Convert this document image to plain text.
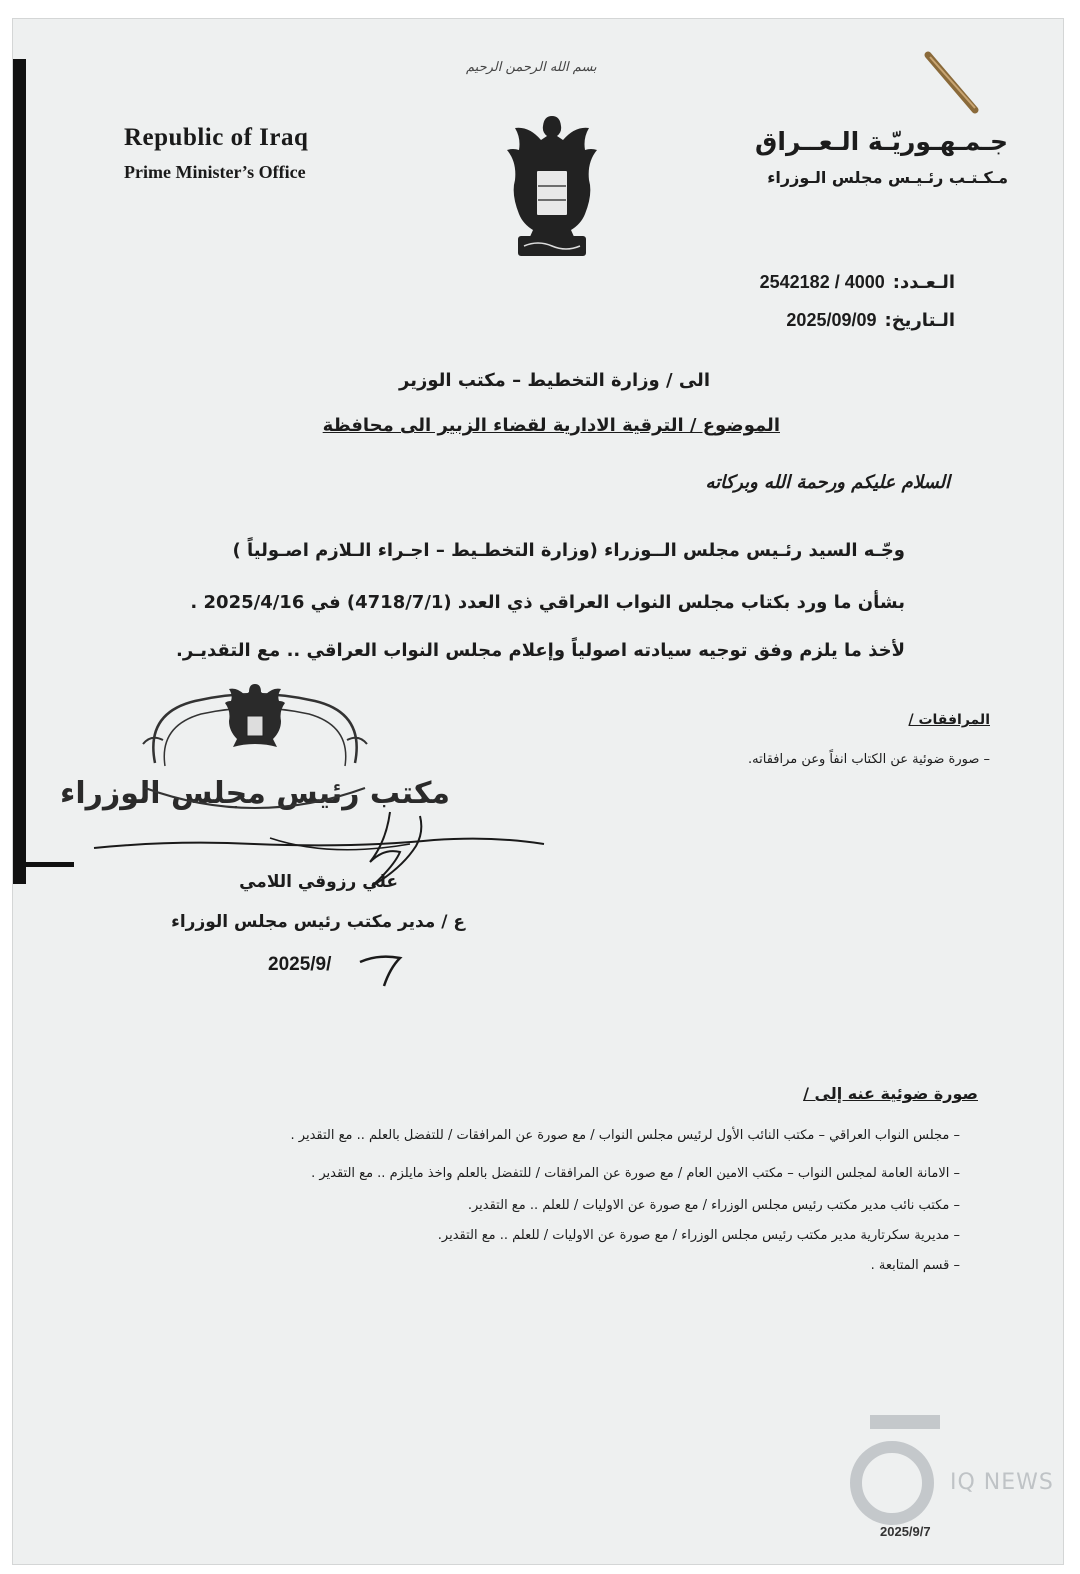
Republic of Iraq
Prime Minister’s Office
جـمـهـوريّـة الـعــراق
مـكـتـب رئـيـس مجلس الـوزراء
بسم الله الرحمن الرحيم
الـعـدد:4000 / 2542182
الـتاريخ:2025/09/09
الى / وزارة التخطيط – مكتب الوزير
الموضوع / الترقية الادارية لقضاء الزبير الى محافظة
السلام عليكم ورحمة الله وبركاته
وجّـه السيد رئـيس مجلس الــوزراء (وزارة التخطـيط – اجـراء الـلازم اصـولياً )
بشأن ما ورد بكتاب مجلس النواب العراقي ذي العدد (4718/7/1) في 2025/4/16 .
لأخذ ما يلزم وفق توجيه سيادته اصولياً وإعلام مجلس النواب العراقي .. مع التقديـر.
المرافقات /
– صورة ضوئية عن الكتاب انفاً وعن مرافقاته.
مكتب رئيس مجلس الوزراء
علي رزوقي اللامي
ع / مدير مكتب رئيس مجلس الوزراء
2025/9/
7
صورة ضوئية عنه إلى /
– مجلس النواب العراقي – مكتب النائب الأول لرئيس مجلس النواب / مع صورة عن المرافقات / للتفضل بالعلم .. مع التقدير .
– الامانة العامة لمجلس النواب – مكتب الامين العام / مع صورة عن المرافقات / للتفضل بالعلم واخذ مايلزم .. مع التقدير .
– مكتب نائب مدير مكتب رئيس مجلس الوزراء / مع صورة عن الاوليات / للعلم .. مع التقدير.
– مديرية سكرتارية مدير مكتب رئيس مجلس الوزراء / مع صورة عن الاوليات / للعلم .. مع التقدير.
– قسم المتابعة .
IQ NEWS
2025/9/7
